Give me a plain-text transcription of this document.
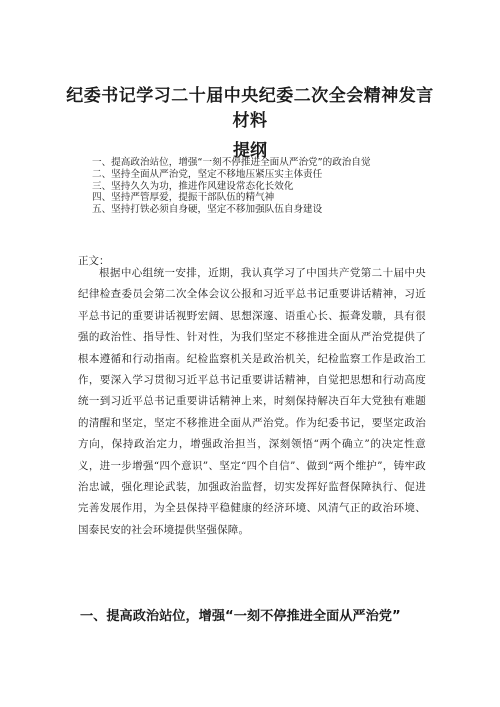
纪委书记学习二十届中央纪委二次全会精神发言材料
提纲
一、提高政治站位，增强“一刻不停推进全面从严治党”的政治自觉
二、坚持全面从严治党，坚定不移地压紧压实主体责任
三、坚持久久为功，推进作风建设常态化长效化
四、坚持严管厚爱，提振干部队伍的精气神
五、坚持打铁必须自身硬，坚定不移加强队伍自身建设
正文：

根据中心组统一安排，近期，我认真学习了中国共产党第二十届中央纪律检查委员会第二次全体会议公报和习近平总书记重要讲话精神，习近平总书记的重要讲话视野宏阔、思想深邃、语重心长、振聋发聩，具有很强的政治性、指导性、针对性，为我们坚定不移推进全面从严治党提供了根本遵循和行动指南。纪检监察机关是政治机关，纪检监察工作是政治工作，要深入学习贯彻习近平总书记重要讲话精神，自觉把思想和行动高度统一到习近平总书记重要讲话精神上来，时刻保持解决百年大党独有难题的清醒和坚定，坚定不移推进全面从严治党。作为纪委书记，要坚定政治方向，保持政治定力，增强政治担当，深刻领悟“两个确立”的决定性意义，进一步增强“四个意识”、坚定“四个自信”、做到“两个维护”，铸牢政治忠诚，强化理论武装，加强政治监督，切实发挥好监督保障执行、促进完善发展作用，为全县保持平稳健康的经济环境、风清气正的政治环境、国泰民安的社会环境提供坚强保障。

一、提高政治站位，增强“一刻不停推进全面从严治党”
